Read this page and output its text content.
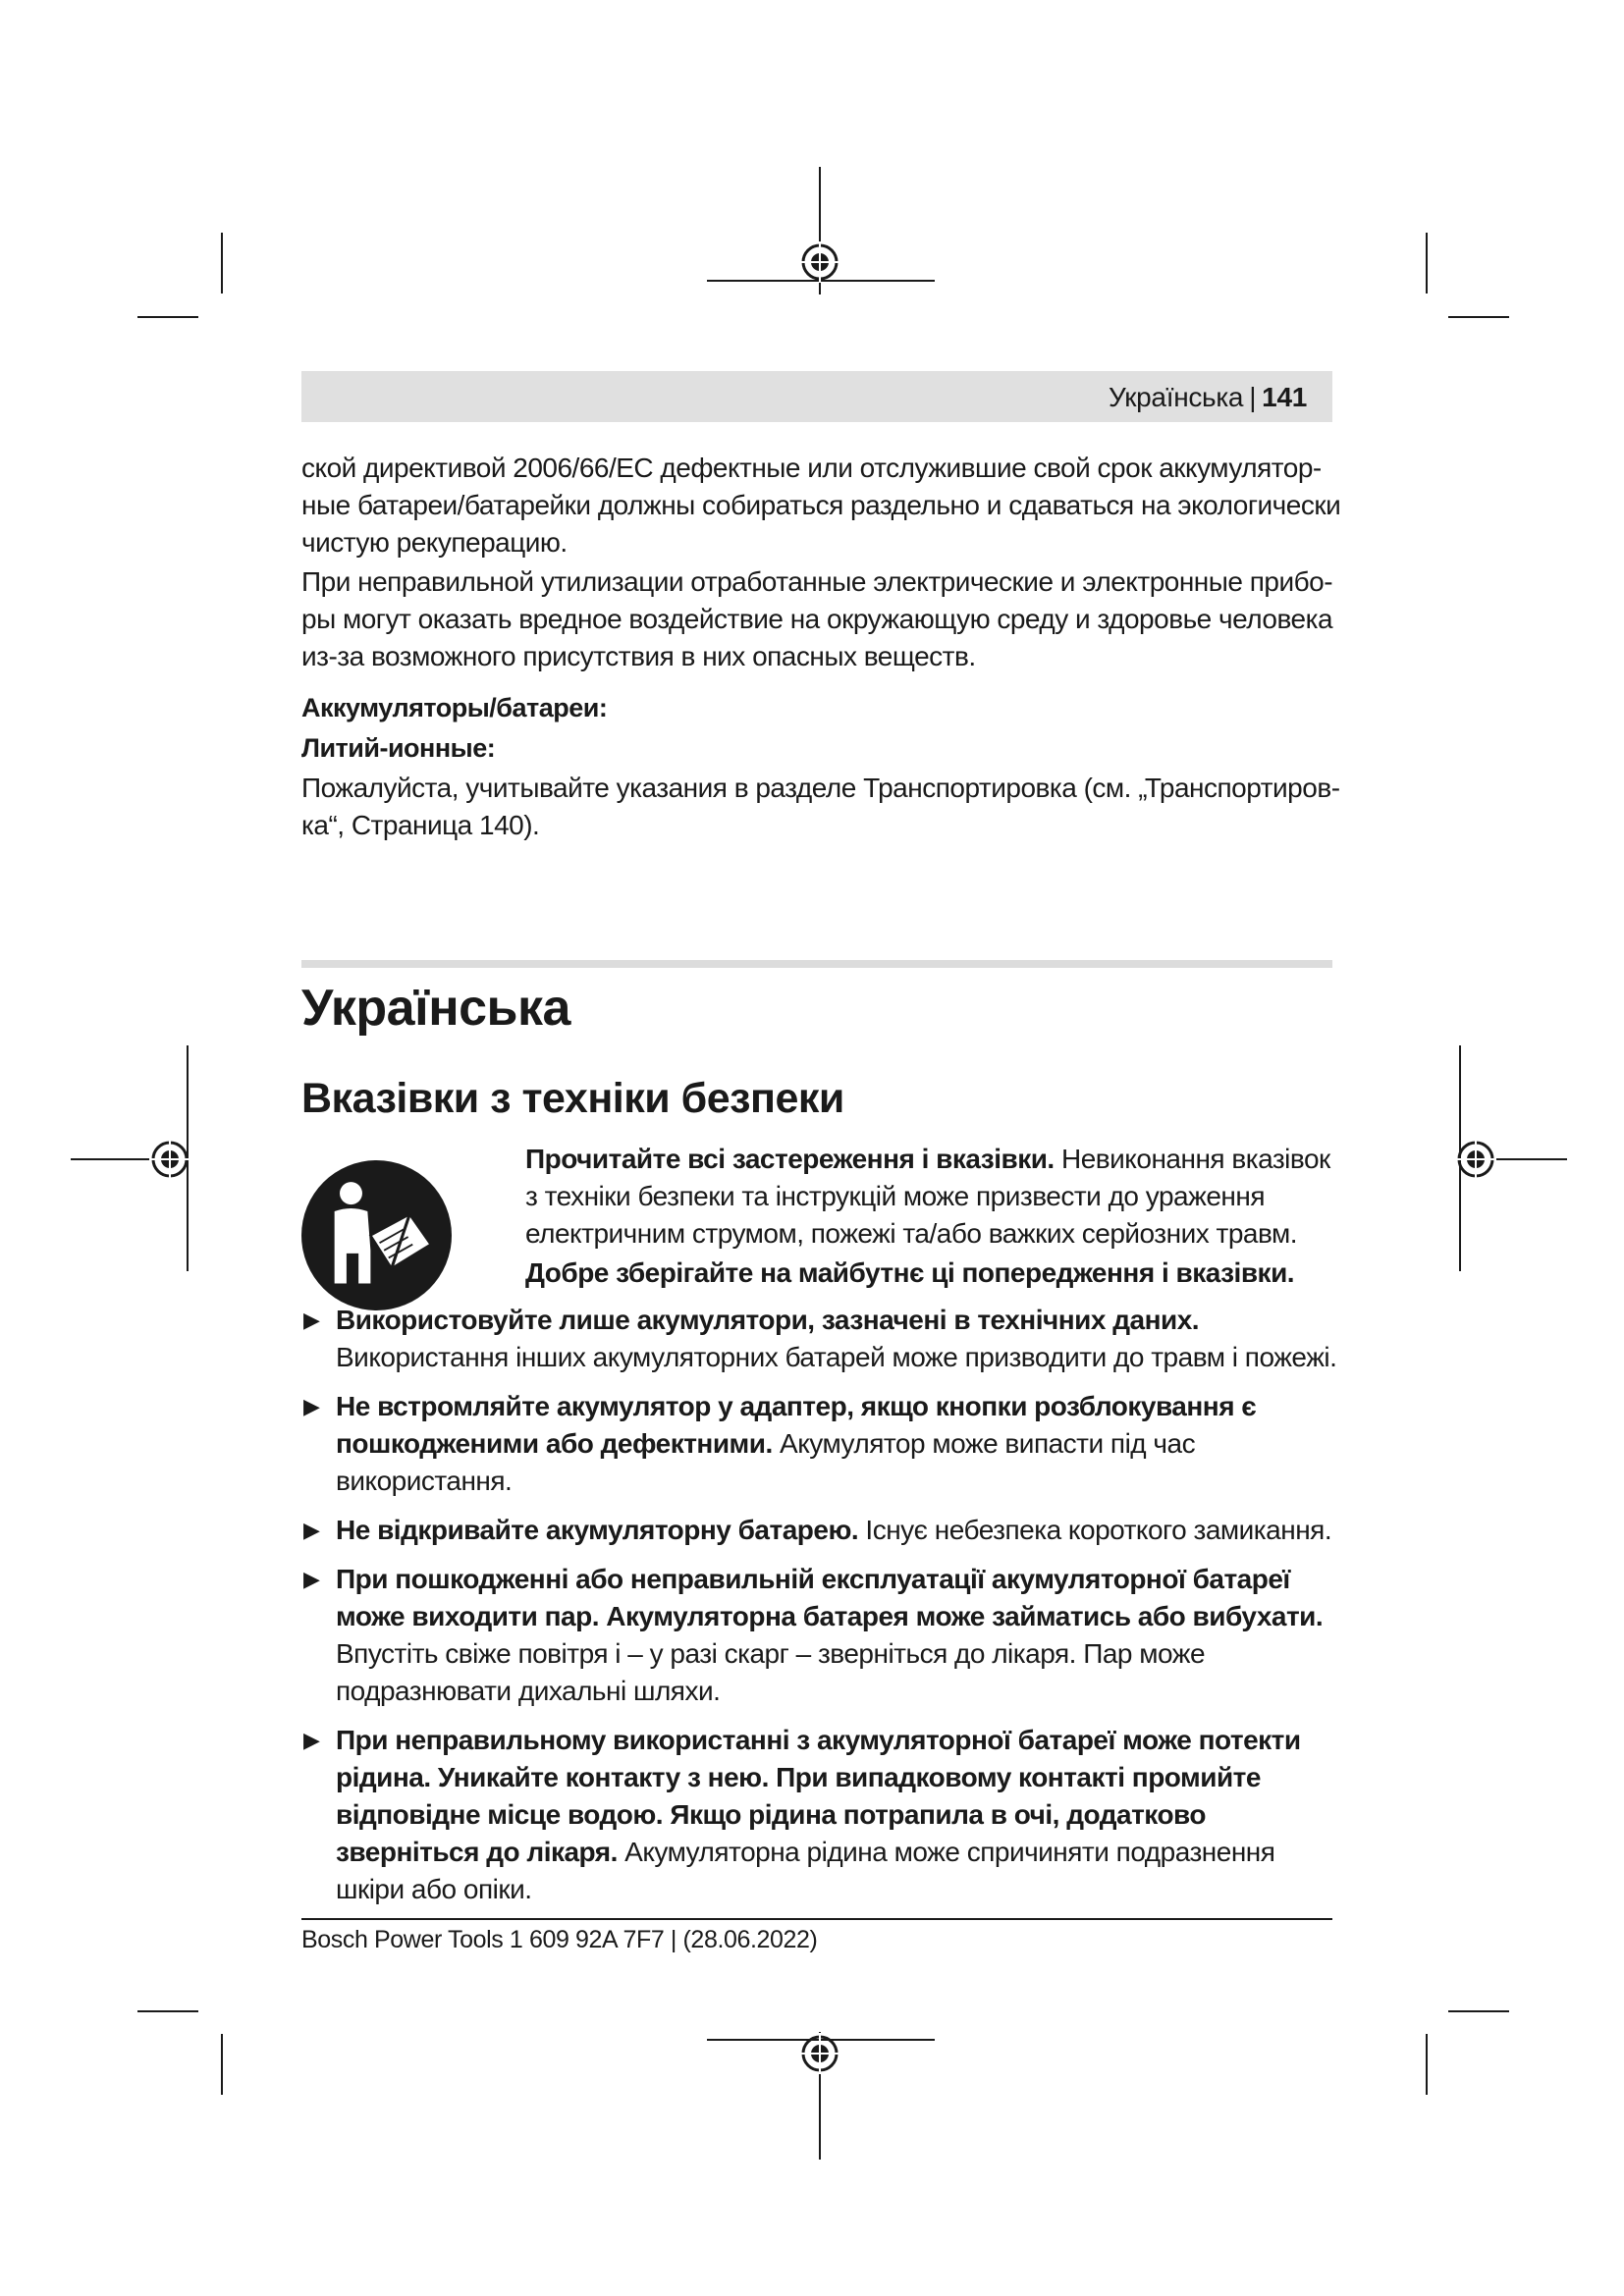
Українська | 141

ской директивой 2006/66/EC дефектные или отслужившие свой срок аккумуляторные батареи/батарейки должны собираться раздельно и сдаваться на экологически чистую рекуперацию.

При неправильной утилизации отработанные электрические и электронные приборы могут оказать вредное воздействие на окружающую среду и здоровье человека из-за возможного присутствия в них опасных веществ.

Аккумуляторы/батареи:

Литий-ионные:

Пожалуйста, учитывайте указания в разделе Транспортировка (см. „Транспортировка“, Страница 140).

Українська
Вказівки з техніки безпеки
Прочитайте всі застереження і вказівки. Невиконання вказівок з техніки безпеки та інструкцій може призвести до ураження електричним струмом, пожежі та/або важких серйозних травм.
Добре зберігайте на майбутнє ці попередження і вказівки.
▶ Використовуйте лише акумулятори, зазначені в технічних даних. Використання інших акумуляторних батарей може призводити до травм і пожежі.
▶ Не встромляйте акумулятор у адаптер, якщо кнопки розблокування є пошкодженими або дефектними. Акумулятор може випасти під час використання.
▶ Не відкривайте акумуляторну батарею. Існує небезпека короткого замикання.
▶ При пошкодженні або неправильній експлуатації акумуляторної батареї може виходити пар. Акумуляторна батарея може займатись або вибухати. Впустіть свіже повітря і – у разі скарг – зверніться до лікаря. Пар може подразнювати дихальні шляхи.
▶ При неправильному використанні з акумуляторної батареї може потекти рідина. Уникайте контакту з нею. При випадковому контакті промийте відповідне місце водою. Якщо рідина потрапила в очі, додатково зверніться до лікаря. Акумуляторна рідина може спричиняти подразнення шкіри або опіки.
Bosch Power Tools 1 609 92A 7F7 | (28.06.2022)
